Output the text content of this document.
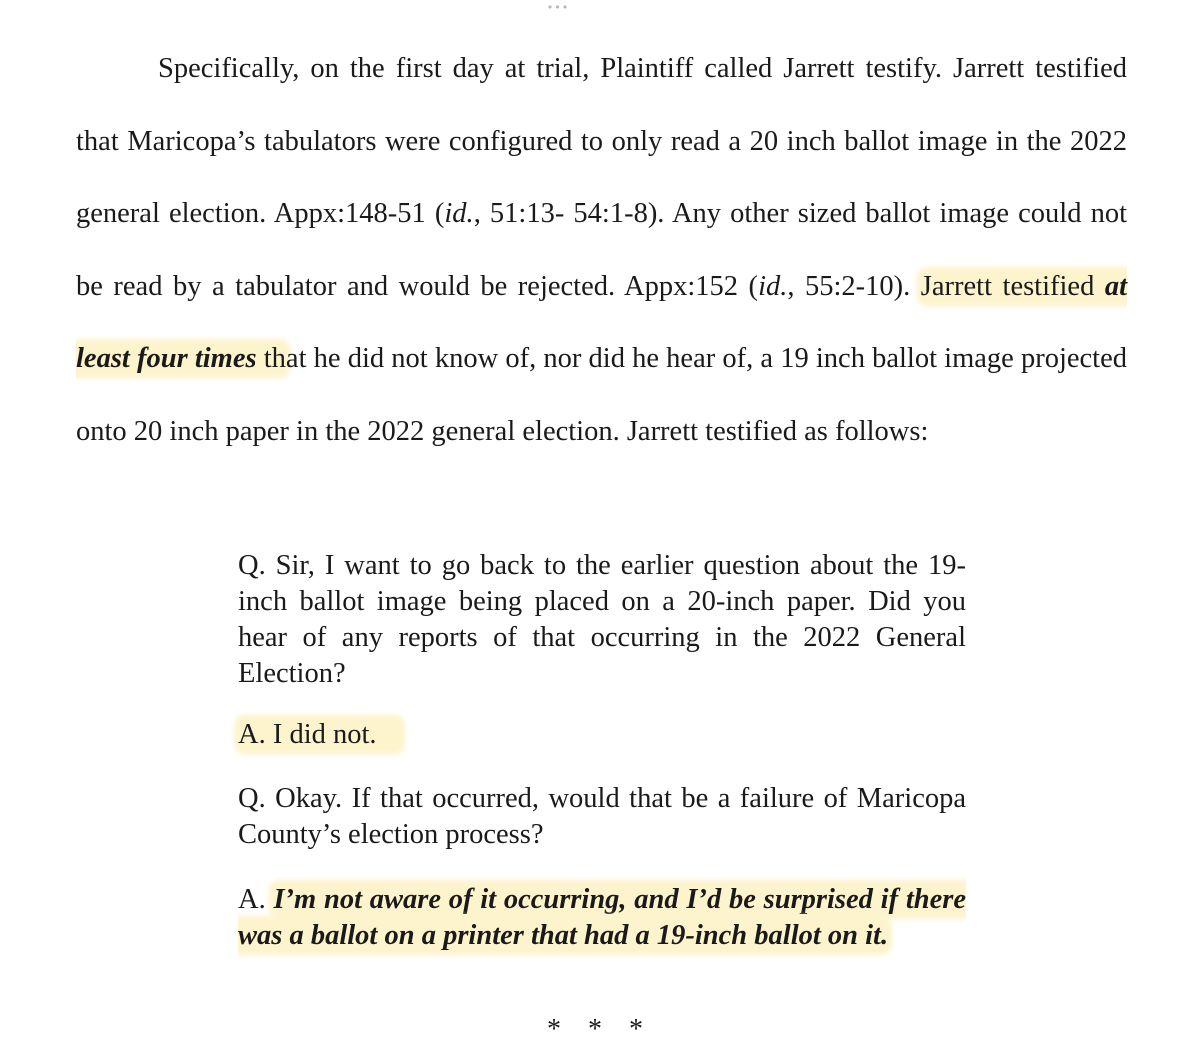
•••

Specifically, on the first day at trial, Plaintiff called Jarrett testify. Jarrett testified that Maricopa’s tabulators were configured to only read a 20 inch ballot image in the 2022 general election. Appx:148-51 (id., 51:13- 54:1-8). Any other sized ballot image could not be read by a tabulator and would be rejected. Appx:152 (id., 55:2-10). Jarrett testified at least four times that he did not know of, nor did he hear of, a 19 inch ballot image projected onto 20 inch paper in the 2022 general election. Jarrett testified as follows:

Q. Sir, I want to go back to the earlier question about the 19-inch ballot image being placed on a 20-inch paper. Did you hear of any reports of that occurring in the 2022 General Election?

A. I did not.

Q. Okay. If that occurred, would that be a failure of Maricopa County’s election process?

A. I’m not aware of it occurring, and I’d be surprised if there was a ballot on a printer that had a 19-inch ballot on it.

* * *
